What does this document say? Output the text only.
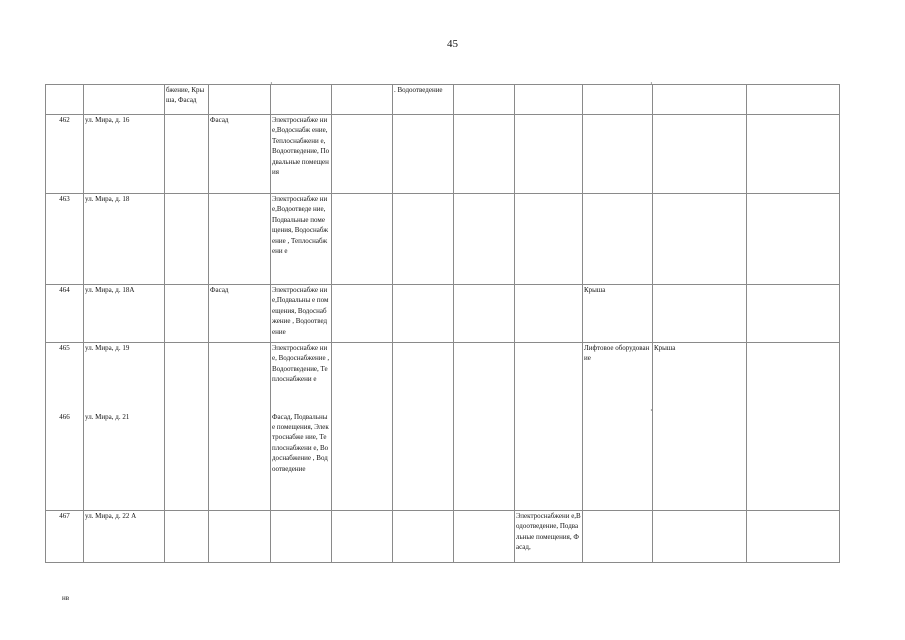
45
		бжение, Крыша, Фасад				. Водоотведение					
462	ул. Мира, д. 16		Фасад	Электроснабже ние,Водоснабж ение, Теплоснабжени е, Водоотведение, Подвальные помещения							
463	ул. Мира, д. 18			Электроснабже ние,Водоотведе ние, Подвальные помещения, Водоснабжение , Теплоснабжени е							
464	ул. Мира, д. 18А		Фасад	Электроснабже ние,Подвальны е помещения, Водоснабжение , Водоотведение					Крыша		
465	ул. Мира, д. 19			Электроснабже ние, Водоснабжение , Водоотведение, Теплоснабжени е					Лифтовое оборудование	Крыша	
466	ул. Мира, д. 21			Фасад, Подвальные помещения, Электроснабже ние, Теплоснабжени е, Водоснабжение , Водоотведение							
467	ул. Мира, д. 22 А							Электроснабжени е,Водоотведение, Подвальные помещения, Фасад,			
·	·
·
нв
